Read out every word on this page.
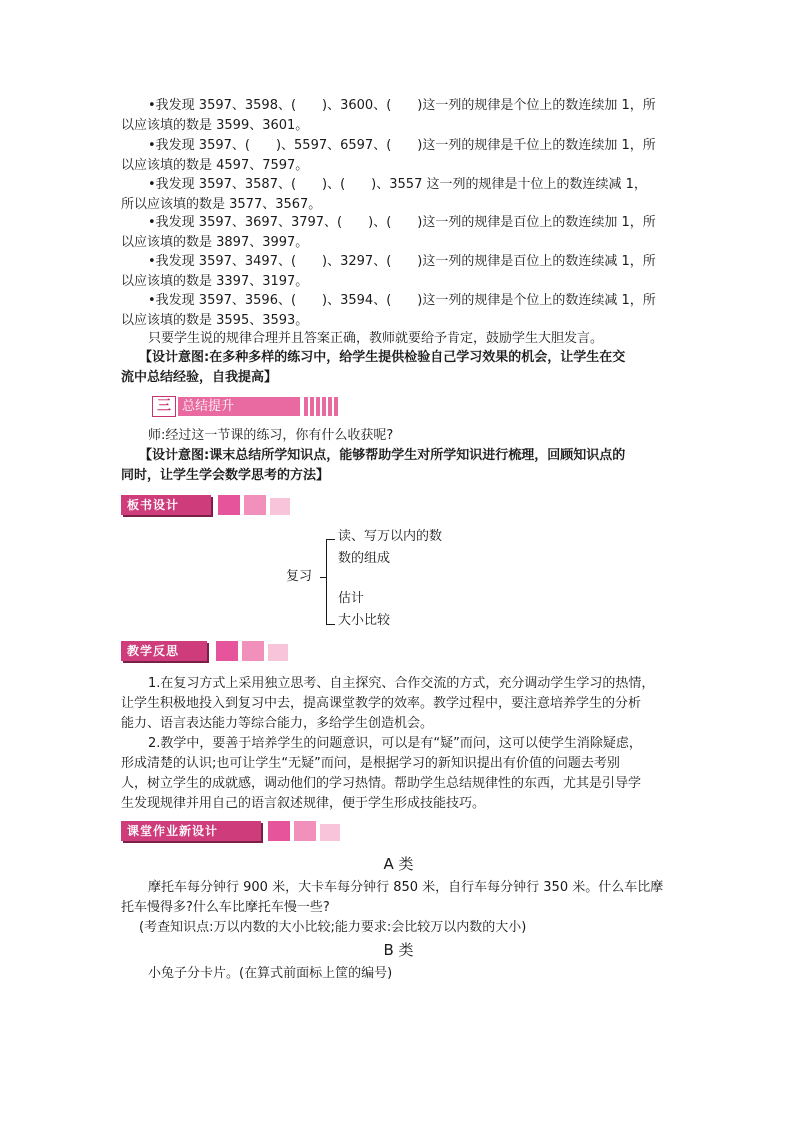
•我发现 3597、3598、(　　)、3600、(　　)这一列的规律是个位上的数连续加 1，所
以应该填的数是 3599、3601。
•我发现 3597、(　　)、5597、6597、(　　)这一列的规律是千位上的数连续加 1，所
以应该填的数是 4597、7597。
•我发现 3597、3587、(　　)、(　　)、3557 这一列的规律是十位上的数连续减 1，
所以应该填的数是 3577、3567。
•我发现 3597、3697、3797、(　　)、(　　)这一列的规律是百位上的数连续加 1，所
以应该填的数是 3897、3997。
•我发现 3597、3497、(　　)、3297、(　　)这一列的规律是百位上的数连续减 1，所
以应该填的数是 3397、3197。
•我发现 3597、3596、(　　)、3594、(　　)这一列的规律是个位上的数连续减 1，所
以应该填的数是 3595、3593。
只要学生说的规律合理并且答案正确，教师就要给予肯定，鼓励学生大胆发言。
【设计意图:在多种多样的练习中，给学生提供检验自己学习效果的机会，让学生在交
流中总结经验，自我提高】
三 总结提升
师:经过这一节课的练习，你有什么收获呢?
【设计意图:课末总结所学知识点，能够帮助学生对所学知识进行梳理，回顾知识点的
同时，让学生学会数学思考的方法】
板书设计
复习
读、写万以内的数
数的组成
估计
大小比较
教学反思
1.在复习方式上采用独立思考、自主探究、合作交流的方式，充分调动学生学习的热情，
让学生积极地投入到复习中去，提高课堂教学的效率。教学过程中，要注意培养学生的分析
能力、语言表达能力等综合能力，多给学生创造机会。
2.教学中，要善于培养学生的问题意识，可以是有“疑”而问，这可以使学生消除疑虑，
形成清楚的认识;也可让学生“无疑”而问，是根据学习的新知识提出有价值的问题去考别
人，树立学生的成就感，调动他们的学习热情。帮助学生总结规律性的东西，尤其是引导学
生发现规律并用自己的语言叙述规律，便于学生形成技能技巧。
课堂作业新设计
A 类
摩托车每分钟行 900 米，大卡车每分钟行 850 米，自行车每分钟行 350 米。什么车比摩
托车慢得多?什么车比摩托车慢一些?
(考查知识点:万以内数的大小比较;能力要求:会比较万以内数的大小)
B 类
小兔子分卡片。(在算式前面标上筐的编号)
